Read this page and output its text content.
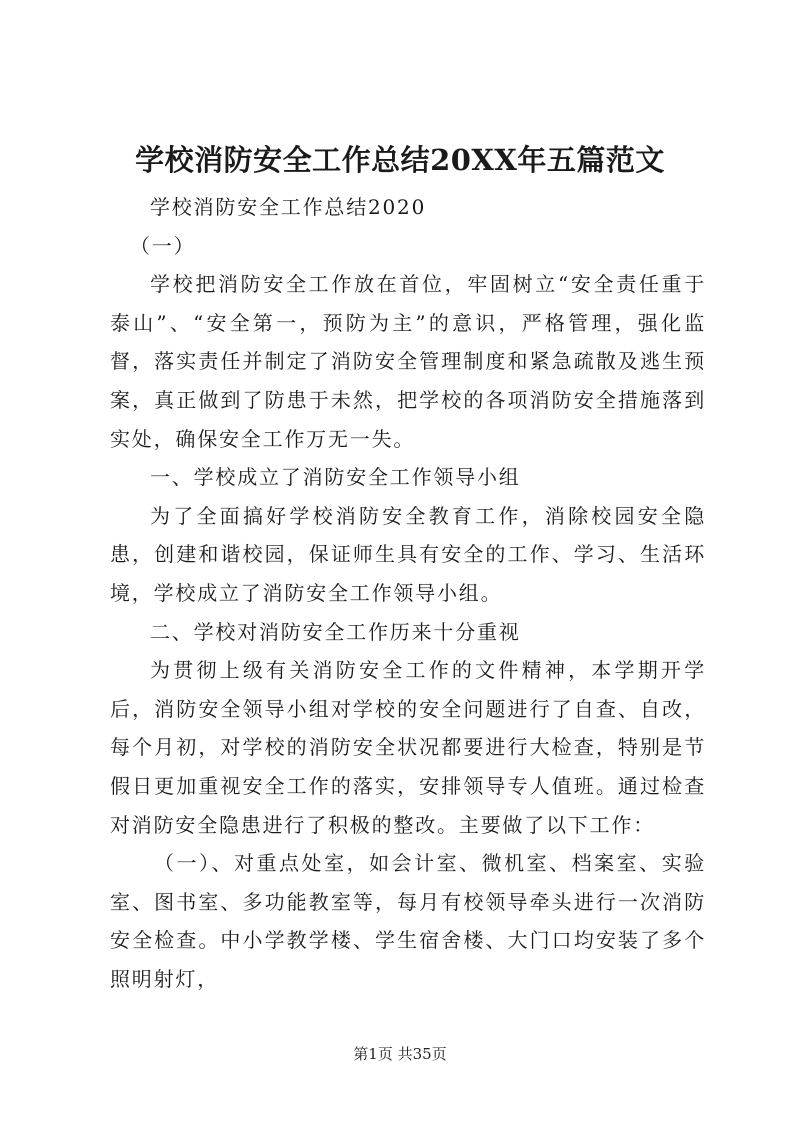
学校消防安全工作总结20XX年五篇范文

学校消防安全工作总结2020

（一）

学校把消防安全工作放在首位，牢固树立“安全责任重于泰山”、“安全第一，预防为主”的意识，严格管理，强化监督，落实责任并制定了消防安全管理制度和紧急疏散及逃生预案，真正做到了防患于未然，把学校的各项消防安全措施落到实处，确保安全工作万无一失。

一、学校成立了消防安全工作领导小组

为了全面搞好学校消防安全教育工作，消除校园安全隐患，创建和谐校园，保证师生具有安全的工作、学习、生活环境，学校成立了消防安全工作领导小组。

二、学校对消防安全工作历来十分重视

为贯彻上级有关消防安全工作的文件精神，本学期开学后，消防安全领导小组对学校的安全问题进行了自查、自改，每个月初，对学校的消防安全状况都要进行大检查，特别是节假日更加重视安全工作的落实，安排领导专人值班。通过检查对消防安全隐患进行了积极的整改。主要做了以下工作：

（一）、对重点处室，如会计室、微机室、档案室、实验室、图书室、多功能教室等，每月有校领导牵头进行一次消防安全检查。中小学教学楼、学生宿舍楼、大门口均安装了多个照明射灯，

第1页 共35页
